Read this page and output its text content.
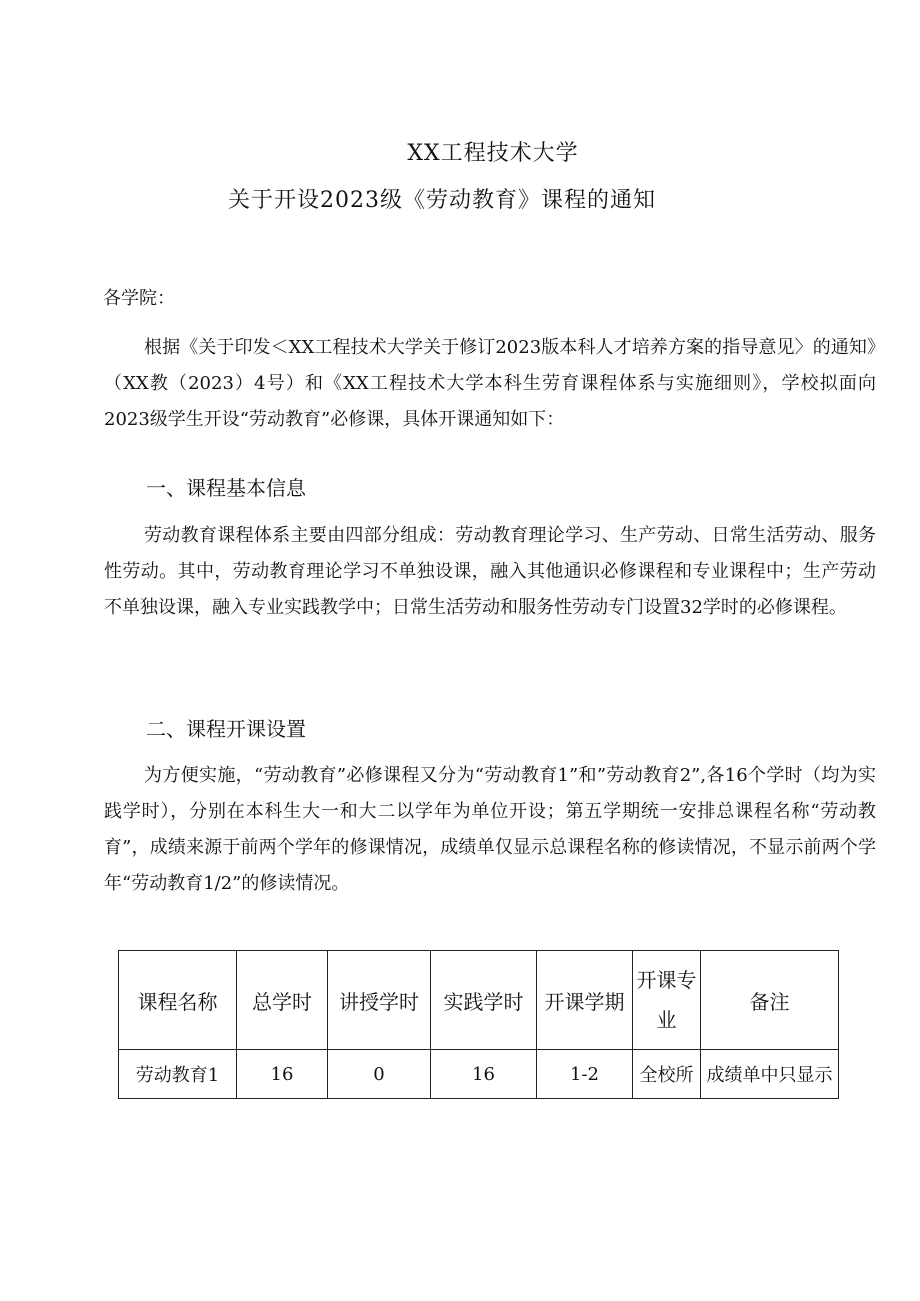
XX工程技术大学
关于开设2023级《劳动教育》课程的通知
各学院：
根据《关于印发＜XX工程技术大学关于修订2023版本科人才培养方案的指导意见〉的通知》（XX教（2023）4号）和《XX工程技术大学本科生劳育课程体系与实施细则》，学校拟面向2023级学生开设“劳动教育”必修课，具体开课通知如下：
一、课程基本信息
劳动教育课程体系主要由四部分组成：劳动教育理论学习、生产劳动、日常生活劳动、服务性劳动。其中，劳动教育理论学习不单独设课，融入其他通识必修课程和专业课程中；生产劳动不单独设课，融入专业实践教学中；日常生活劳动和服务性劳动专门设置32学时的必修课程。
二、课程开课设置
为方便实施，“劳动教育”必修课程又分为“劳动教育1”和”劳动教育2”,各16个学时（均为实践学时），分别在本科生大一和大二以学年为单位开设；第五学期统一安排总课程名称“劳动教育”，成绩来源于前两个学年的修课情况，成绩单仅显示总课程名称的修读情况，不显示前两个学年“劳动教育1/2”的修读情况。
课程名称	总学时	讲授学时	实践学时	开课学期	开课专业	备注
劳动教育1	16	0	16	1-2	全校所	成绩单中只显示
